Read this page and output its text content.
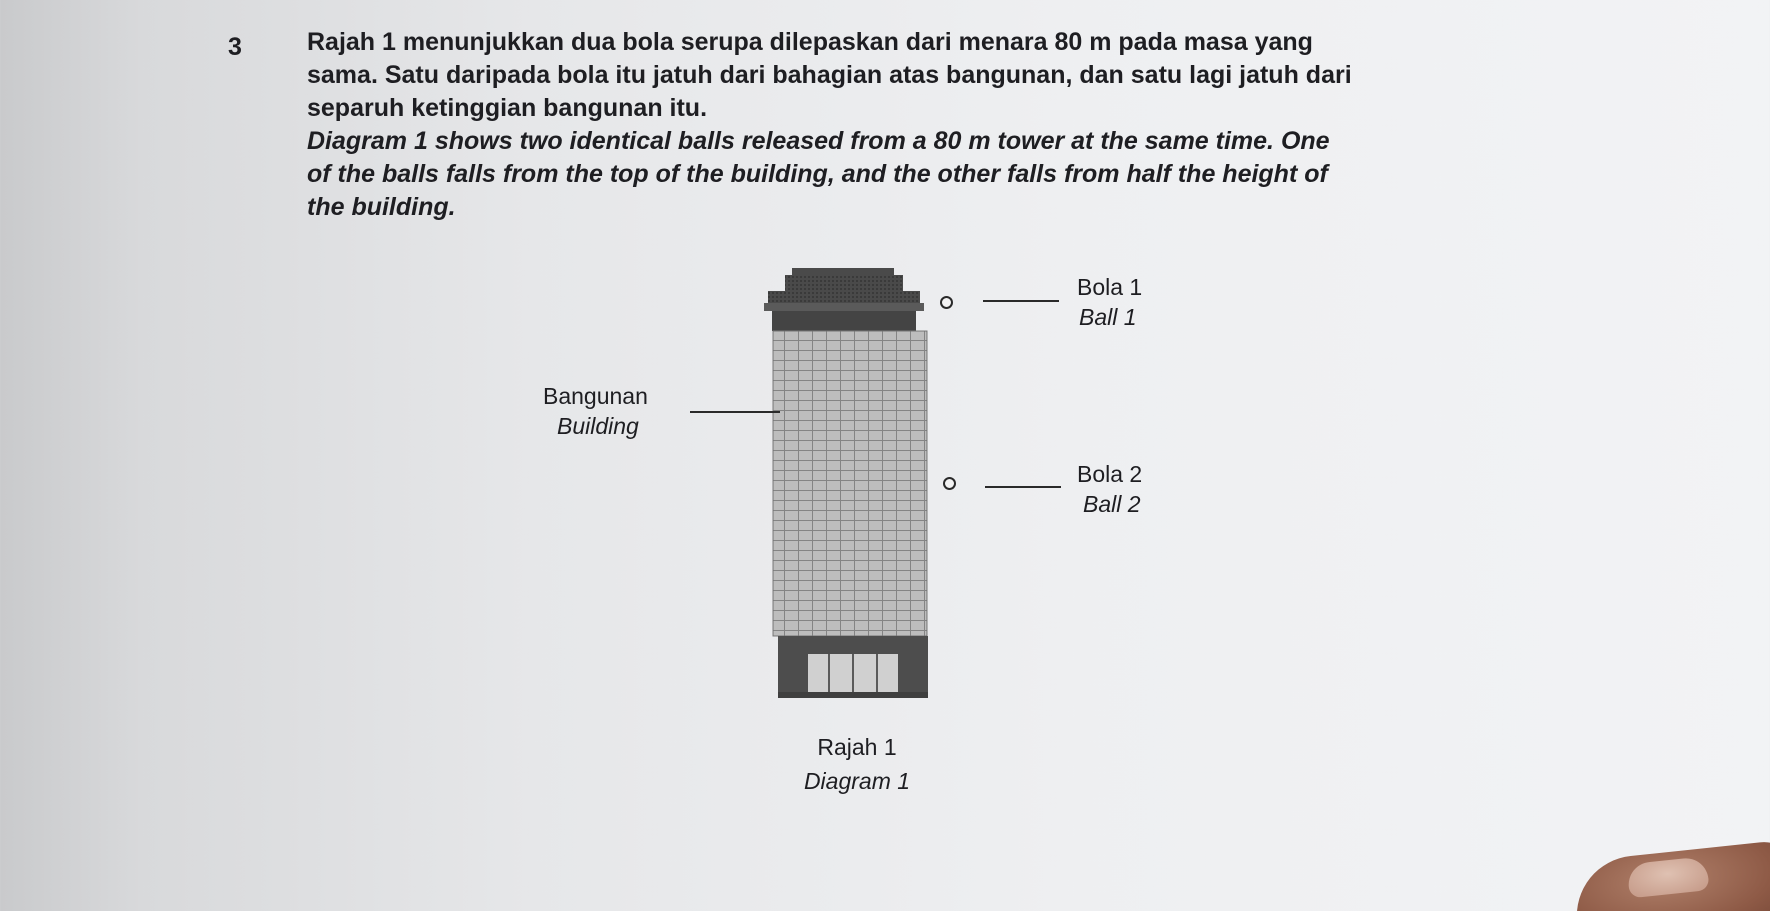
3	Rajah 1 menunjukkan dua bola serupa dilepaskan dari menara 80 m pada masa yang

sama. Satu daripada bola itu jatuh dari bahagian atas bangunan, dan satu lagi jatuh dari

separuh ketinggian bangunan itu.

Diagram 1 shows two identical balls released from a 80 m tower at the same time. One

of the balls falls from the top of the building, and the other falls from half the height of

the building.

Bangunan
Building
Bola 1
Ball 1
Bola 2
Ball 2
Rajah 1
Diagram 1
